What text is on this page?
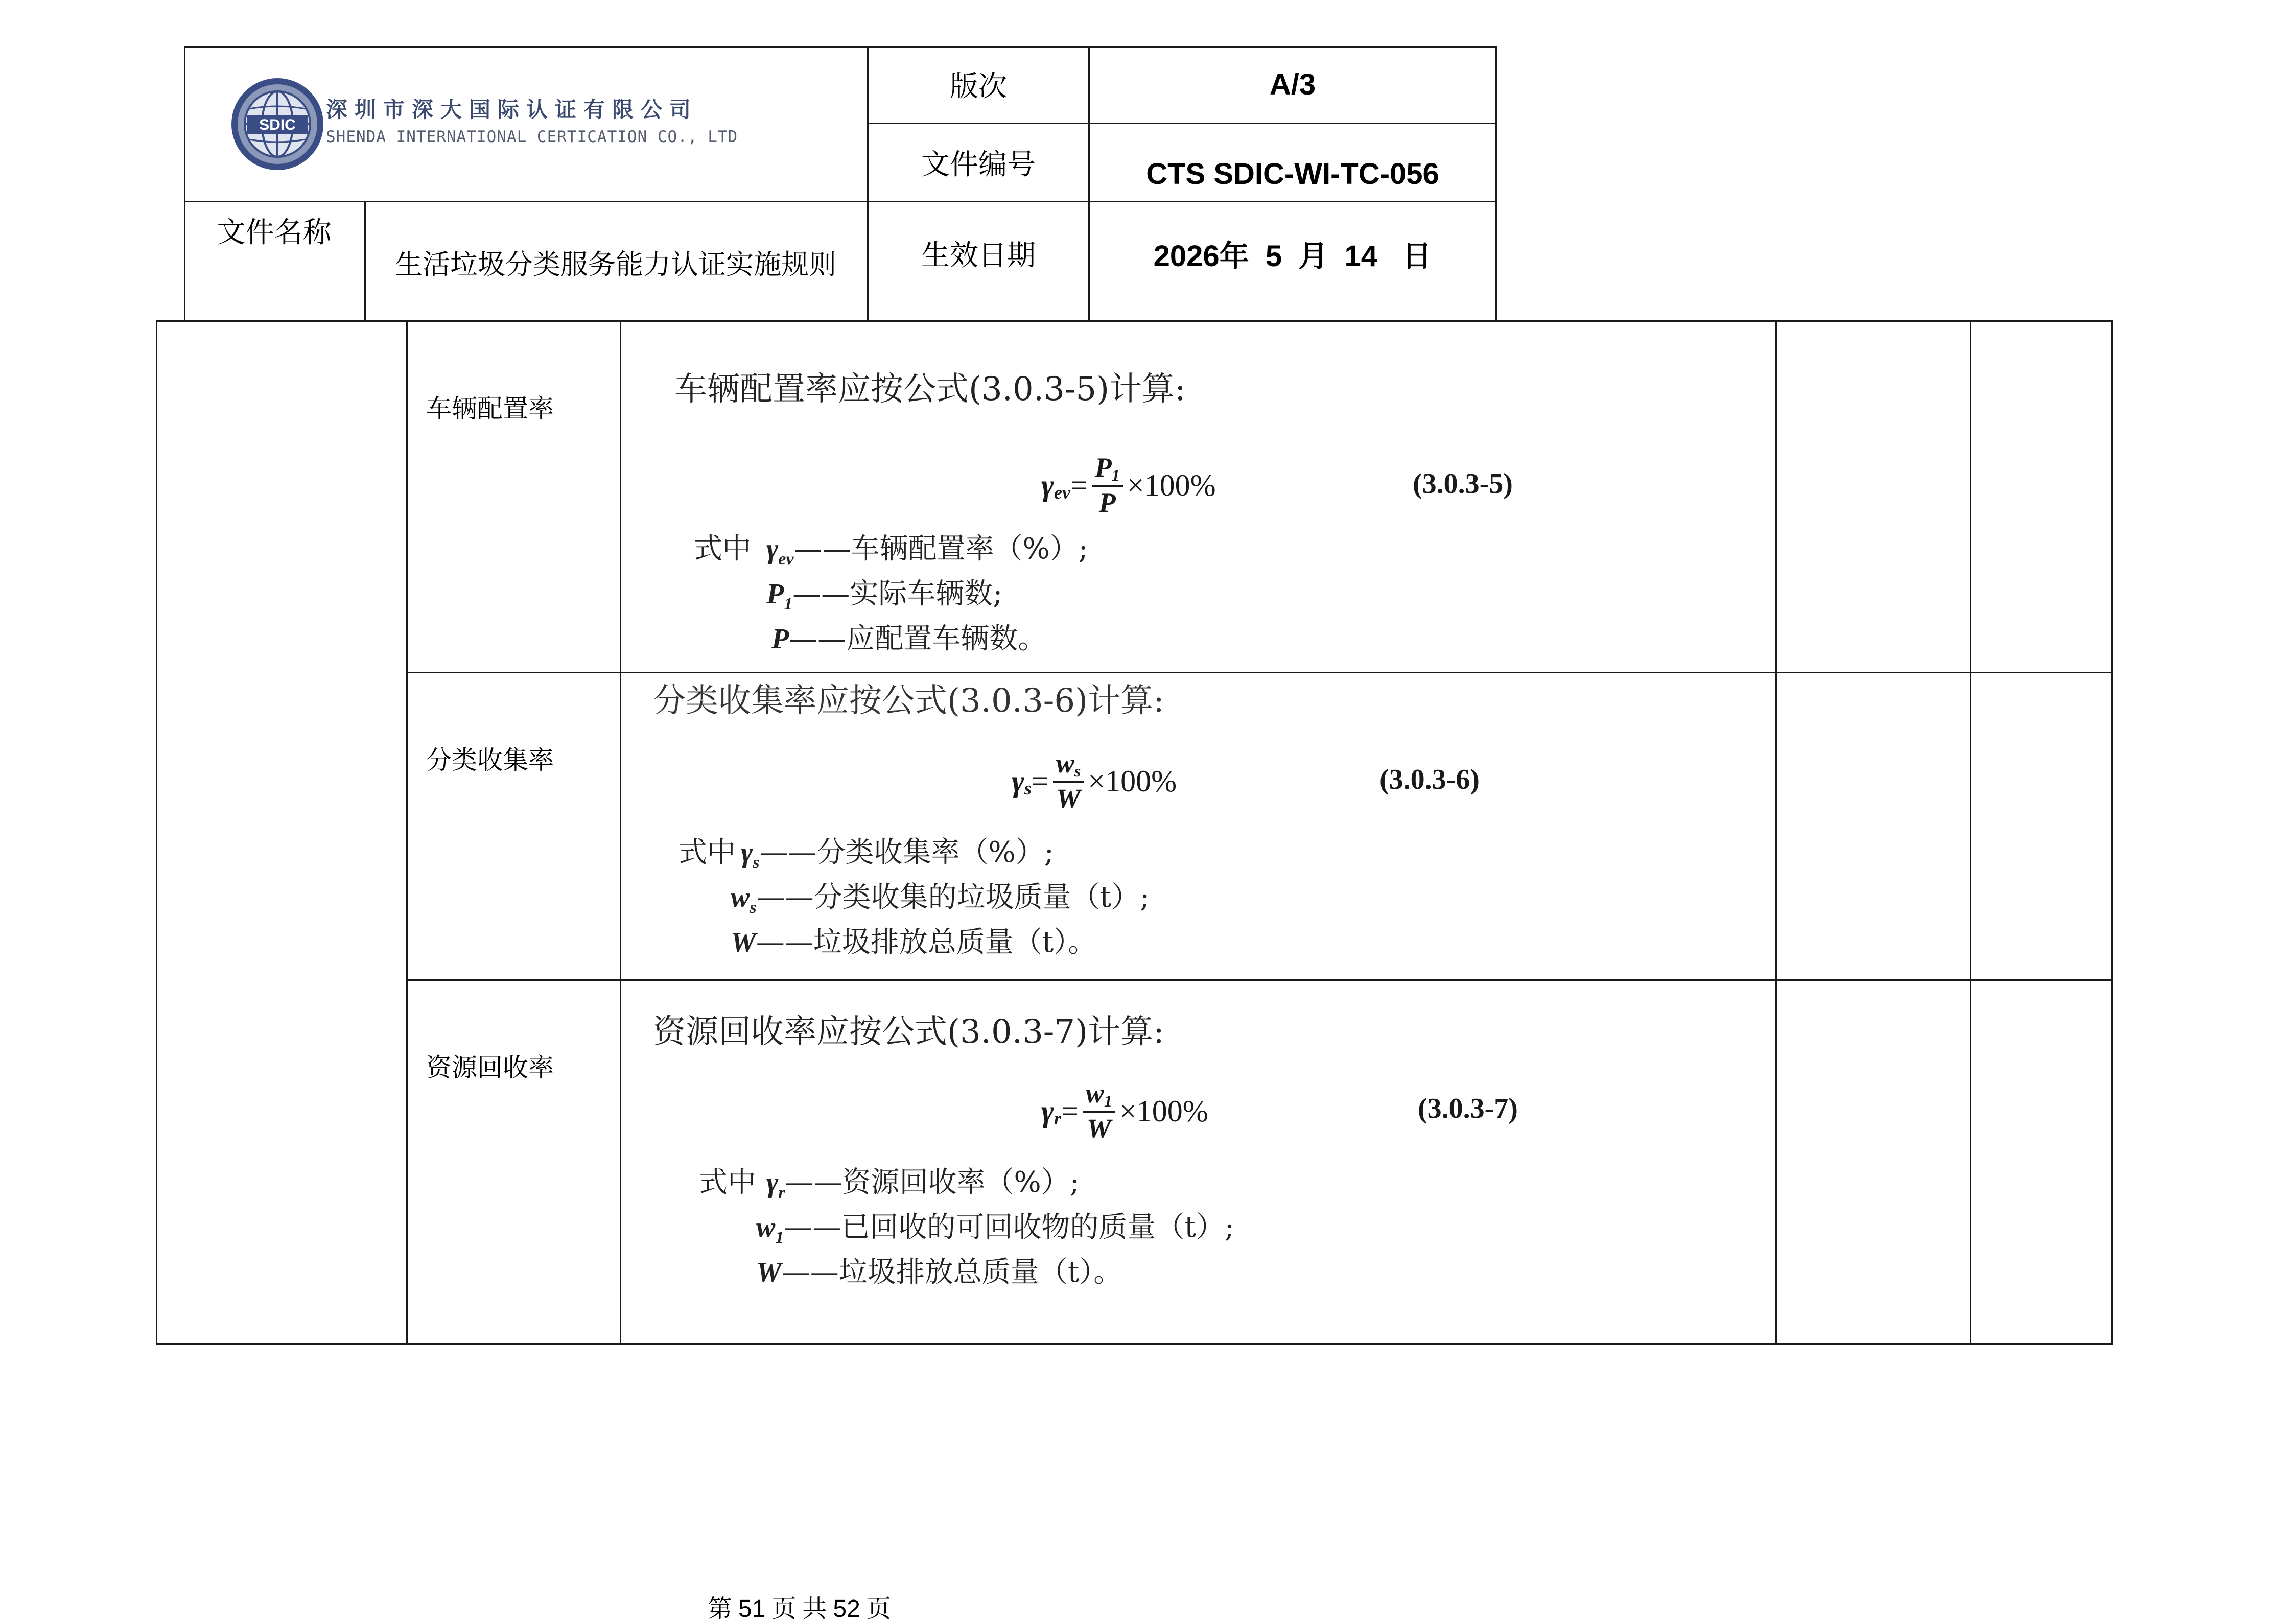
SDIC
深圳市深大国际认证有限公司
SHENDA INTERNATIONAL CERTICATION CO., LTD
版次	A/3
文件编号	CTS SDIC-WI-TC-056
文件名称
生活垃圾分类服务能力认证实施规则	生效日期	2026年  5  月  14   日
车辆配置率
车辆配置率应按公式(3.0.3-5)计算:
γ ev = $\frac{P1}{P} \times 100\%$	(3.0.3-5)
式中 $\gamma_{ev}——$车辆配置率（%）;
$P_1——$实际车辆数;
P——应配置车辆数。
分类收集率
分类收集率应按公式(3.0.3-6)计算:
γ $s = \frac{ws}{W} \times 100\%$	(3.0.3-6)
式中 $\gamma_s——$分类收集率（%）;
$w_s——$分类收集的垃圾质量（t）;
W——垃圾排放总质量（t）。
资源回收率
资源回收率应按公式(3.0.3-7)计算:
γ $r = \frac{w1}{W} \times 100\%$	(3.0.3-7)
式中 $\gamma_r——$资源回收率（%）;
$w_1——$已回收的可回收物的质量（t）;
W——垃圾排放总质量（t）。
第 51 页 共 52 页
